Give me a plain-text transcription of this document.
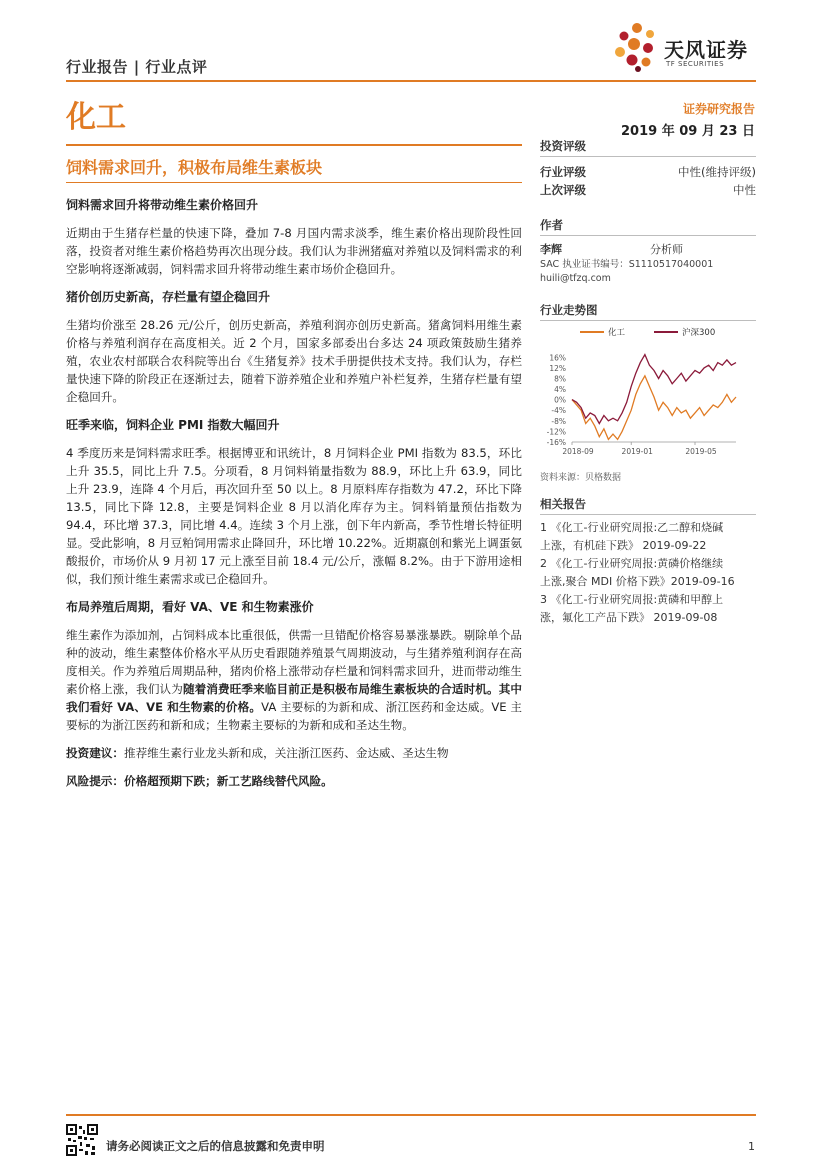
行业报告 | 行业点评
化工
天风证券
TF SECURITIES
证券研究报告
2019 年 09 月 23 日
饲料需求回升，积极布局维生素板块
饲料需求回升将带动维生素价格回升

近期由于生猪存栏量的快速下降，叠加 7-8 月国内需求淡季，维生素价格出现阶段性回落，投资者对维生素价格趋势再次出现分歧。我们认为非洲猪瘟对养殖以及饲料需求的利空影响将逐渐减弱，饲料需求回升将带动维生素市场价企稳回升。

猪价创历史新高，存栏量有望企稳回升

生猪均价涨至 28.26 元/公斤，创历史新高，养殖利润亦创历史新高。猪禽饲料用维生素价格与养殖利润存在高度相关。近 2 个月，国家多部委出台多达 24 项政策鼓励生猪养殖，农业农村部联合农科院等出台《生猪复养》技术手册提供技术支持。我们认为，存栏量快速下降的阶段正在逐渐过去，随着下游养殖企业和养殖户补栏复养，生猪存栏量有望企稳回升。

旺季来临，饲料企业 PMI 指数大幅回升

4 季度历来是饲料需求旺季。根据博亚和讯统计，8 月饲料企业 PMI 指数为 83.5，环比上升 35.5，同比上升 7.5。分项看，8 月饲料销量指数为 88.9，环比上升 63.9，同比上升 23.9，连降 4 个月后，再次回升至 50 以上。8 月原料库存指数为 47.2，环比下降 13.5，同比下降 12.8，主要是饲料企业 8 月以消化库存为主。饲料销量预估指数为 94.4，环比增 37.3，同比增 4.4。连续 3 个月上涨，创下年内新高，季节性增长特征明显。受此影响，8 月豆粕饲用需求止降回升，环比增 10.22%。近期嬴创和紫光上调蛋氨酸报价，市场价从 9 月初 17 元上涨至目前 18.4 元/公斤，涨幅 8.2%。由于下游用途相似，我们预计维生素需求或已企稳回升。

布局养殖后周期，看好 VA、VE 和生物素涨价

维生素作为添加剂，占饲料成本比重很低，供需一旦错配价格容易暴涨暴跌。剔除单个品种的波动，维生素整体价格水平从历史看跟随养殖景气周期波动，与生猪养殖利润存在高度相关。作为养殖后周期品种，猪肉价格上涨带动存栏量和饲料需求回升，进而带动维生素价格上涨，我们认为随着消费旺季来临目前正是积极布局维生素板块的合适时机。其中我们看好 VA、VE 和生物素的价格。VA 主要标的为新和成、浙江医药和金达威。VE 主要标的为浙江医药和新和成；生物素主要标的为新和成和圣达生物。

投资建议：推荐维生素行业龙头新和成，关注浙江医药、金达威、圣达生物

风险提示：价格超预期下跌；新工艺路线替代风险。

投资评级
行业评级	中性(维持评级)
上次评级	中性
作者
李辉	分析师
SAC 执业证书编号：S1110517040001
huili@tfzq.com
行业走势图
化工	沪深300
16%
12%
8%
4%
0%
-4%
-8%
-12%
-16%
2018-09	2019-01	2019-05
资料来源：贝格数据
相关报告
1 《化工-行业研究周报:乙二醇和烧碱
上涨，有机硅下跌》 2019-09-22
2 《化工-行业研究周报:黄磷价格继续
上涨,聚合 MDI 价格下跌》2019-09-16
3 《化工-行业研究周报:黄磷和甲醇上
涨，氟化工产品下跌》 2019-09-08
请务必阅读正文之后的信息披露和免责申明	1
